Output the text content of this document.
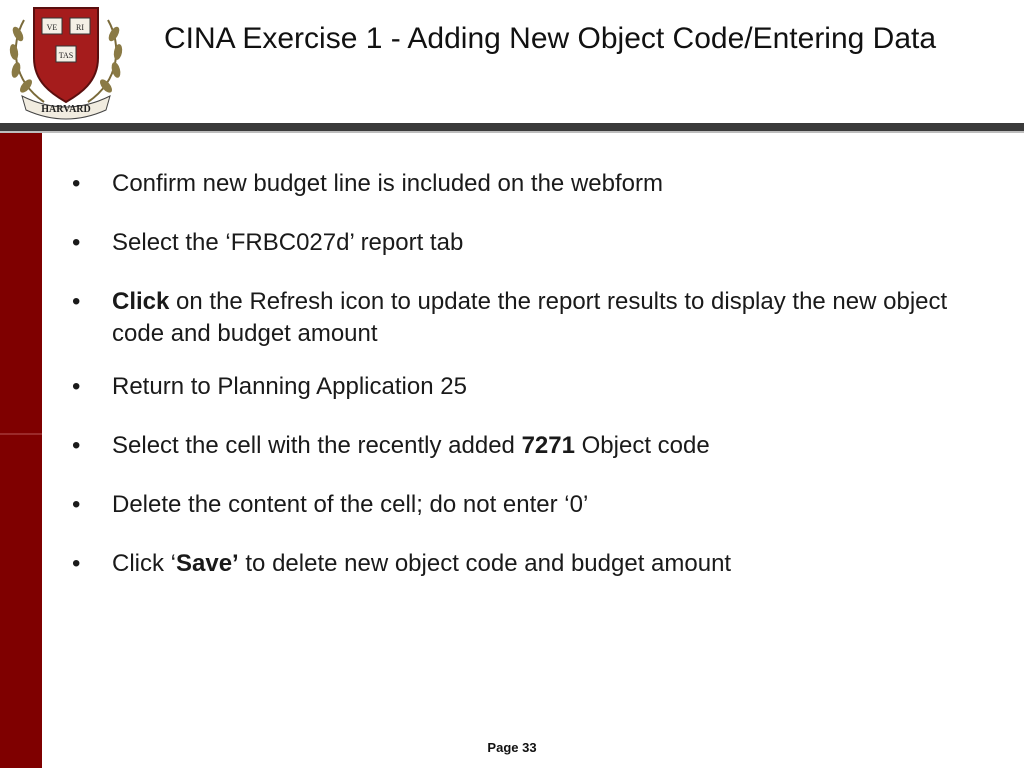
VE RI
TAS
HARVARD
CINA Exercise 1 - Adding New Object Code/Entering Data
• Confirm new budget line is included on the webform
• Select the ‘FRBC027d’ report tab
• Click on the Refresh icon to update the report results to display the new object code and budget amount
• Return to Planning Application 25
• Select the cell with the recently added 7271 Object code
• Delete the content of the cell; do not enter ‘0’
• Click ‘Save’ to delete new object code and budget amount
Page 33
